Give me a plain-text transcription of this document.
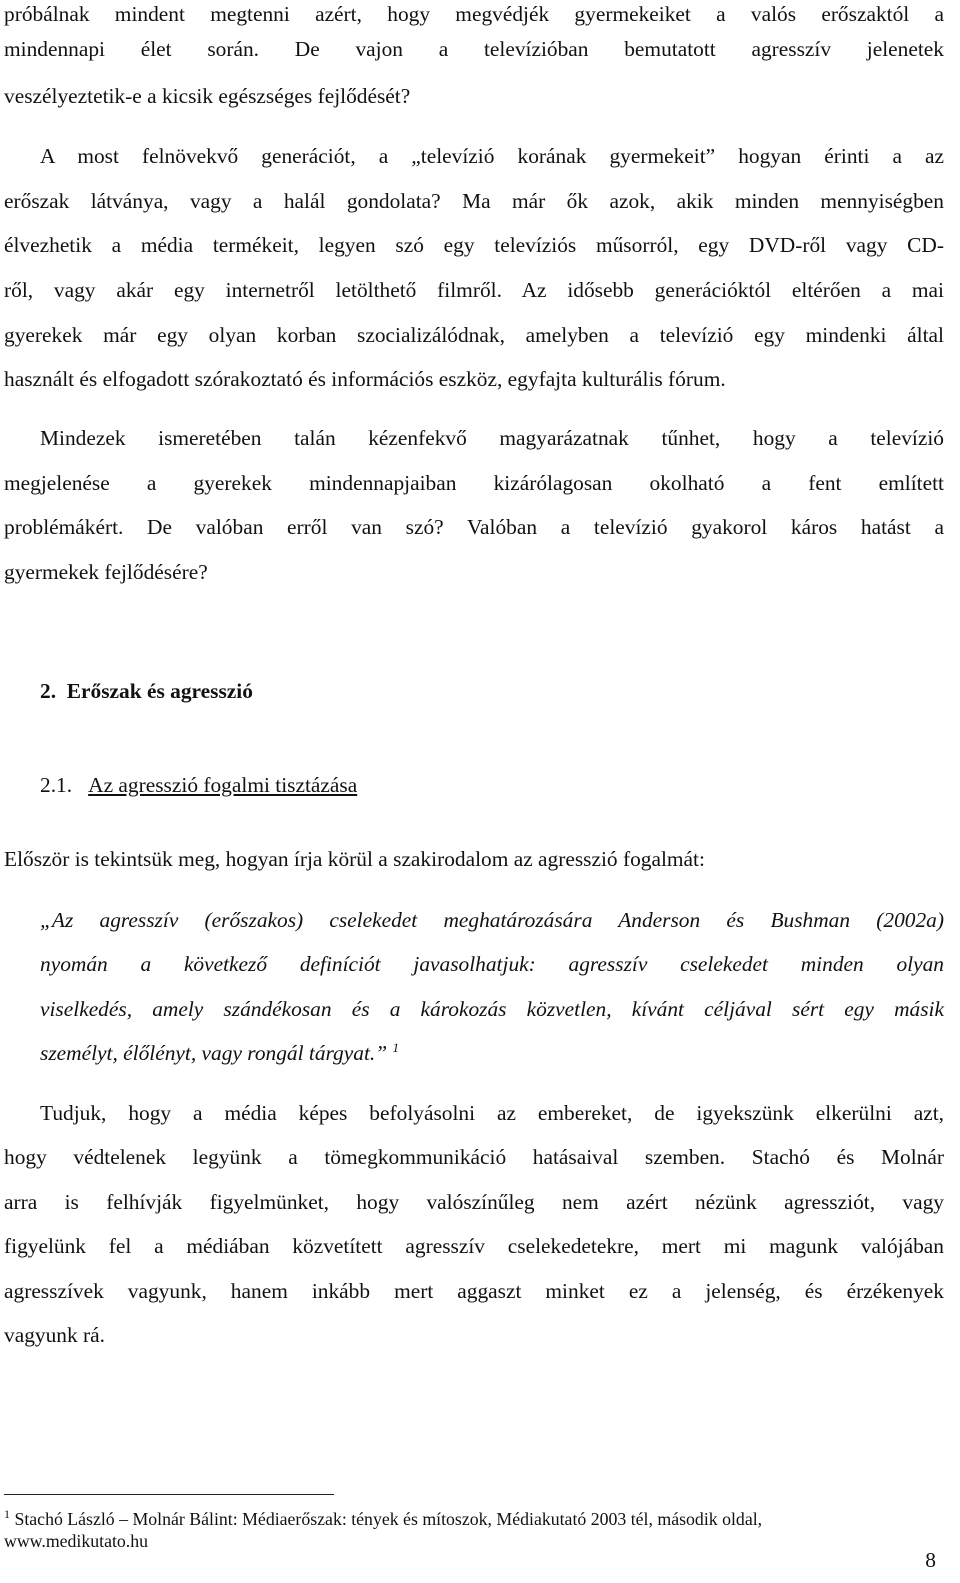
próbálnak mindent megtenni azért, hogy megvédjék gyermekeiket a valós erőszaktól a
mindennapi élet során. De vajon a televízióban bemutatott agresszív jelenetek
veszélyeztetik-e a kicsik egészséges fejlődését?
A most felnövekvő generációt, a „televízió korának gyermekeit” hogyan érinti a az
erőszak látványa, vagy a halál gondolata? Ma már ők azok, akik minden mennyiségben
élvezhetik a média termékeit, legyen szó egy televíziós műsorról, egy DVD-ről vagy CD-
ről, vagy akár egy internetről letölthető filmről. Az idősebb generációktól eltérően a mai
gyerekek már egy olyan korban szocializálódnak, amelyben a televízió egy mindenki által
használt és elfogadott szórakoztató és információs eszköz, egyfajta kulturális fórum.
Mindezek ismeretében talán kézenfekvő magyarázatnak tűnhet, hogy a televízió
megjelenése a gyerekek mindennapjaiban kizárólagosan okolható a fent említett
problémákért. De valóban erről van szó? Valóban a televízió gyakorol káros hatást a
gyermekek fejlődésére?
2. Erőszak és agresszió
2.1. Az agresszió fogalmi tisztázása
Először is tekintsük meg, hogyan írja körül a szakirodalom az agresszió fogalmát:
„Az agresszív (erőszakos) cselekedet meghatározására Anderson és Bushman (2002a)
nyomán a következő definíciót javasolhatjuk: agresszív cselekedet minden olyan
viselkedés, amely szándékosan és a károkozás közvetlen, kívánt céljával sért egy másik
személyt, élőlényt, vagy rongál tárgyat.” $^1$
Tudjuk, hogy a média képes befolyásolni az embereket, de igyekszünk elkerülni azt,
hogy védtelenek legyünk a tömegkommunikáció hatásaival szemben. Stachó és Molnár
arra is felhívják figyelmünket, hogy valószínűleg nem azért nézünk agressziót, vagy
figyelünk fel a médiában közvetített agresszív cselekedetekre, mert mi magunk valójában
agresszívek vagyunk, hanem inkább mert aggaszt minket ez a jelenség, és érzékenyek
vagyunk rá.
$^1$ Stachó László – Molnár Bálint: Médiaerőszak: tények és mítoszok, Médiakutató 2003 tél, második oldal,
www.medikutato.hu
8
